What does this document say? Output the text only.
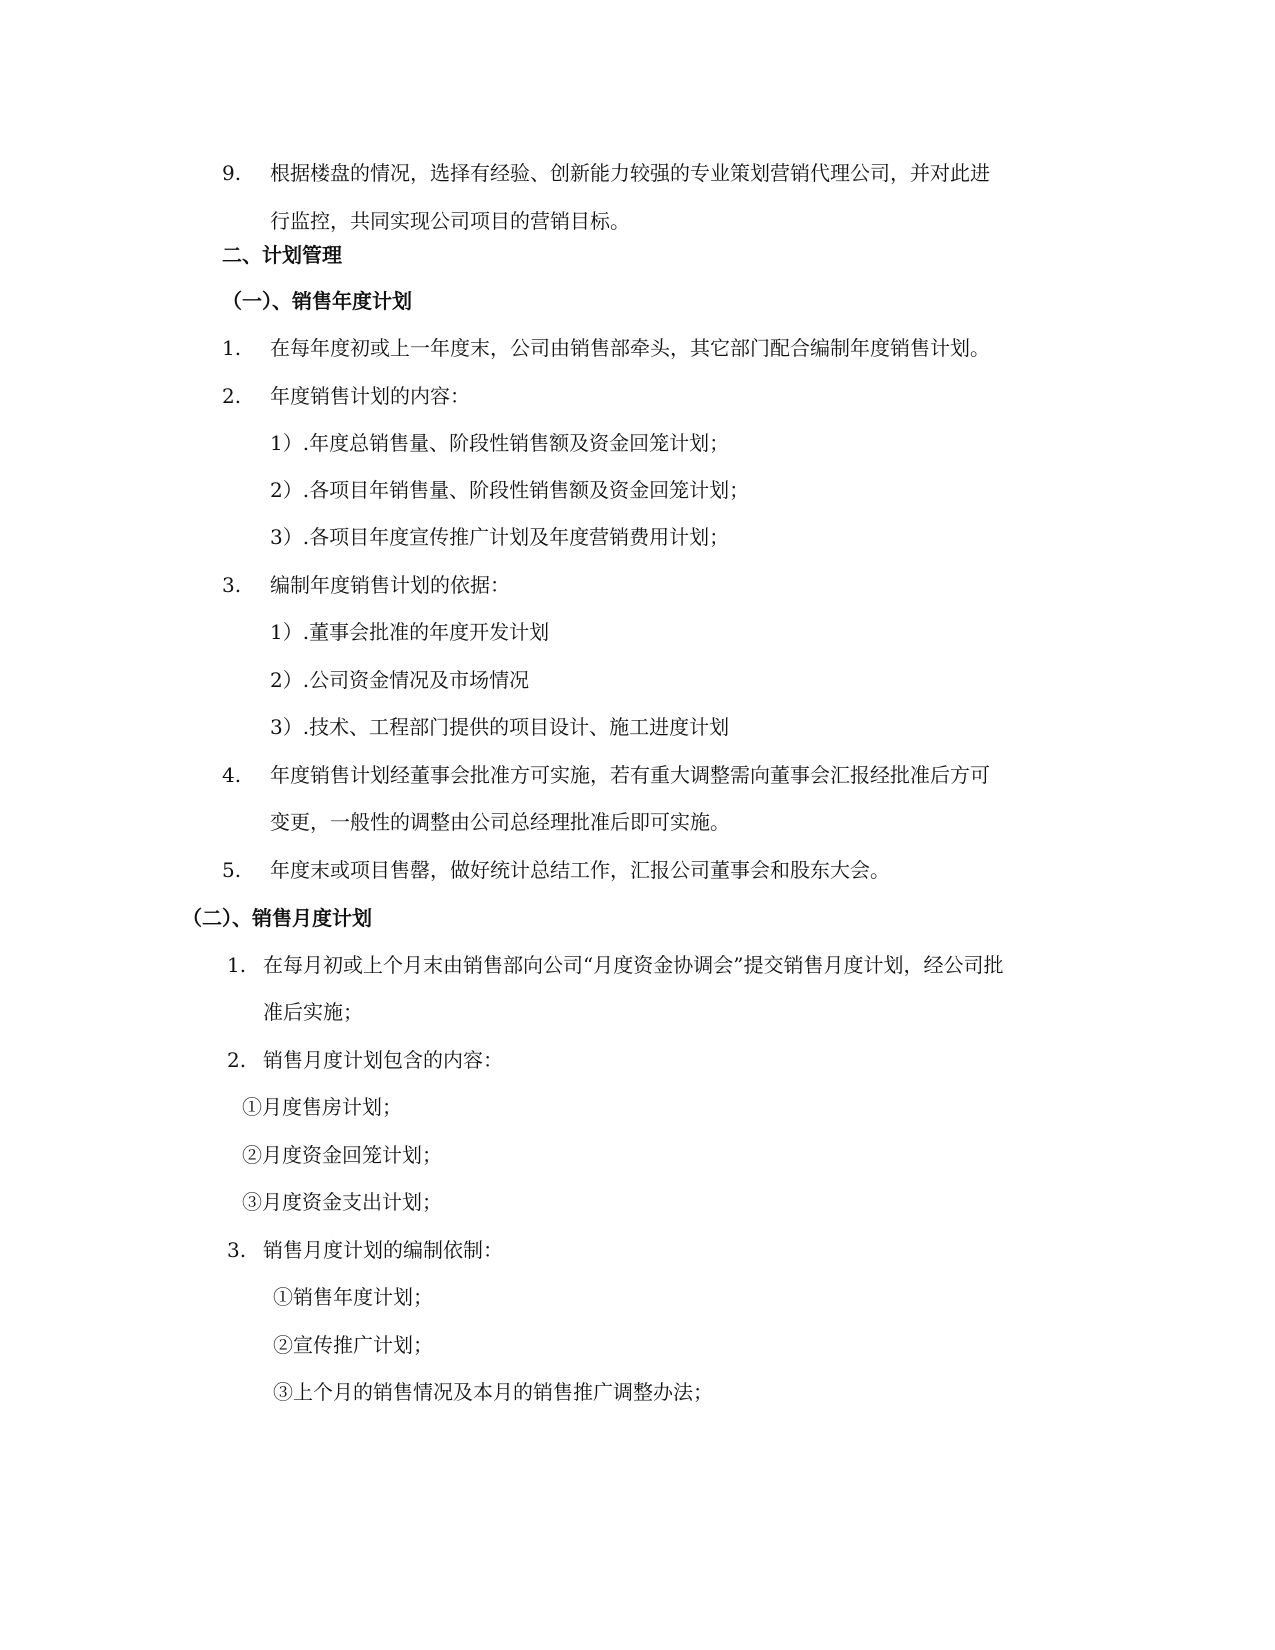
9. 根据楼盘的情况，选择有经验、创新能力较强的专业策划营销代理公司，并对此进
行监控，共同实现公司项目的营销目标。
二、计划管理
（一）、销售年度计划
1. 在每年度初或上一年度末，公司由销售部牵头，其它部门配合编制年度销售计划。
2. 年度销售计划的内容：
1）.年度总销售量、阶段性销售额及资金回笼计划；
2）.各项目年销售量、阶段性销售额及资金回笼计划；
3）.各项目年度宣传推广计划及年度营销费用计划；
3. 编制年度销售计划的依据：
1）.董事会批准的年度开发计划
2）.公司资金情况及市场情况
3）.技术、工程部门提供的项目设计、施工进度计划
4. 年度销售计划经董事会批准方可实施，若有重大调整需向董事会汇报经批准后方可
变更，一般性的调整由公司总经理批准后即可实施。
5. 年度末或项目售罄，做好统计总结工作，汇报公司董事会和股东大会。
（二）、销售月度计划
1. 在每月初或上个月末由销售部向公司“月度资金协调会”提交销售月度计划，经公司批
准后实施；
2. 销售月度计划包含的内容：
①月度售房计划；
②月度资金回笼计划；
③月度资金支出计划；
3. 销售月度计划的编制依制：
①销售年度计划；
②宣传推广计划；
③上个月的销售情况及本月的销售推广调整办法；
